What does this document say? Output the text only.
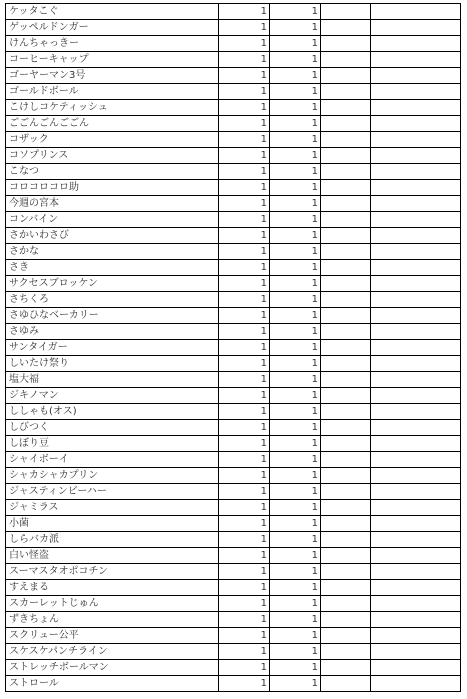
ケッタこぐ	1	1		
ゲッペルドンガー	1	1		
けんちゃっきー	1	1		
コーヒーキャップ	1	1		
ゴーヤーマン3号	1	1		
ゴールドボール	1	1		
こけしコケティッシュ	1	1		
ごごんごんごごん	1	1		
コザック	1	1		
コソプリンス	1	1		
こなつ	1	1		
コロコロコロ助	1	1		
今週の宮本	1	1		
コンバイン	1	1		
さかいわさび	1	1		
さかな	1	1		
さき	1	1		
サクセスブロッケン	1	1		
さちくろ	1	1		
さゆひなベーカリー	1	1		
さゆみ	1	1		
サンタイガー	1	1		
しいたけ祭り	1	1		
塩大福	1	1		
ジキノマン	1	1		
ししゃも(オス)	1	1		
しびつく	1	1		
しぼり豆	1	1		
シャイボーイ	1	1		
シャカシャカプリン	1	1		
ジャスティンビーハー	1	1		
ジャミラス	1	1		
小菌	1	1		
しらバカ派	1	1		
白い怪盗	1	1		
スーマスタオポコチン	1	1		
すえまる	1	1		
スカーレットじゅん	1	1		
ずきちょん	1	1		
スクリュー公平	1	1		
スケスケパンチライン	1	1		
ストレッチボールマン	1	1		
ストロール	1	1		
